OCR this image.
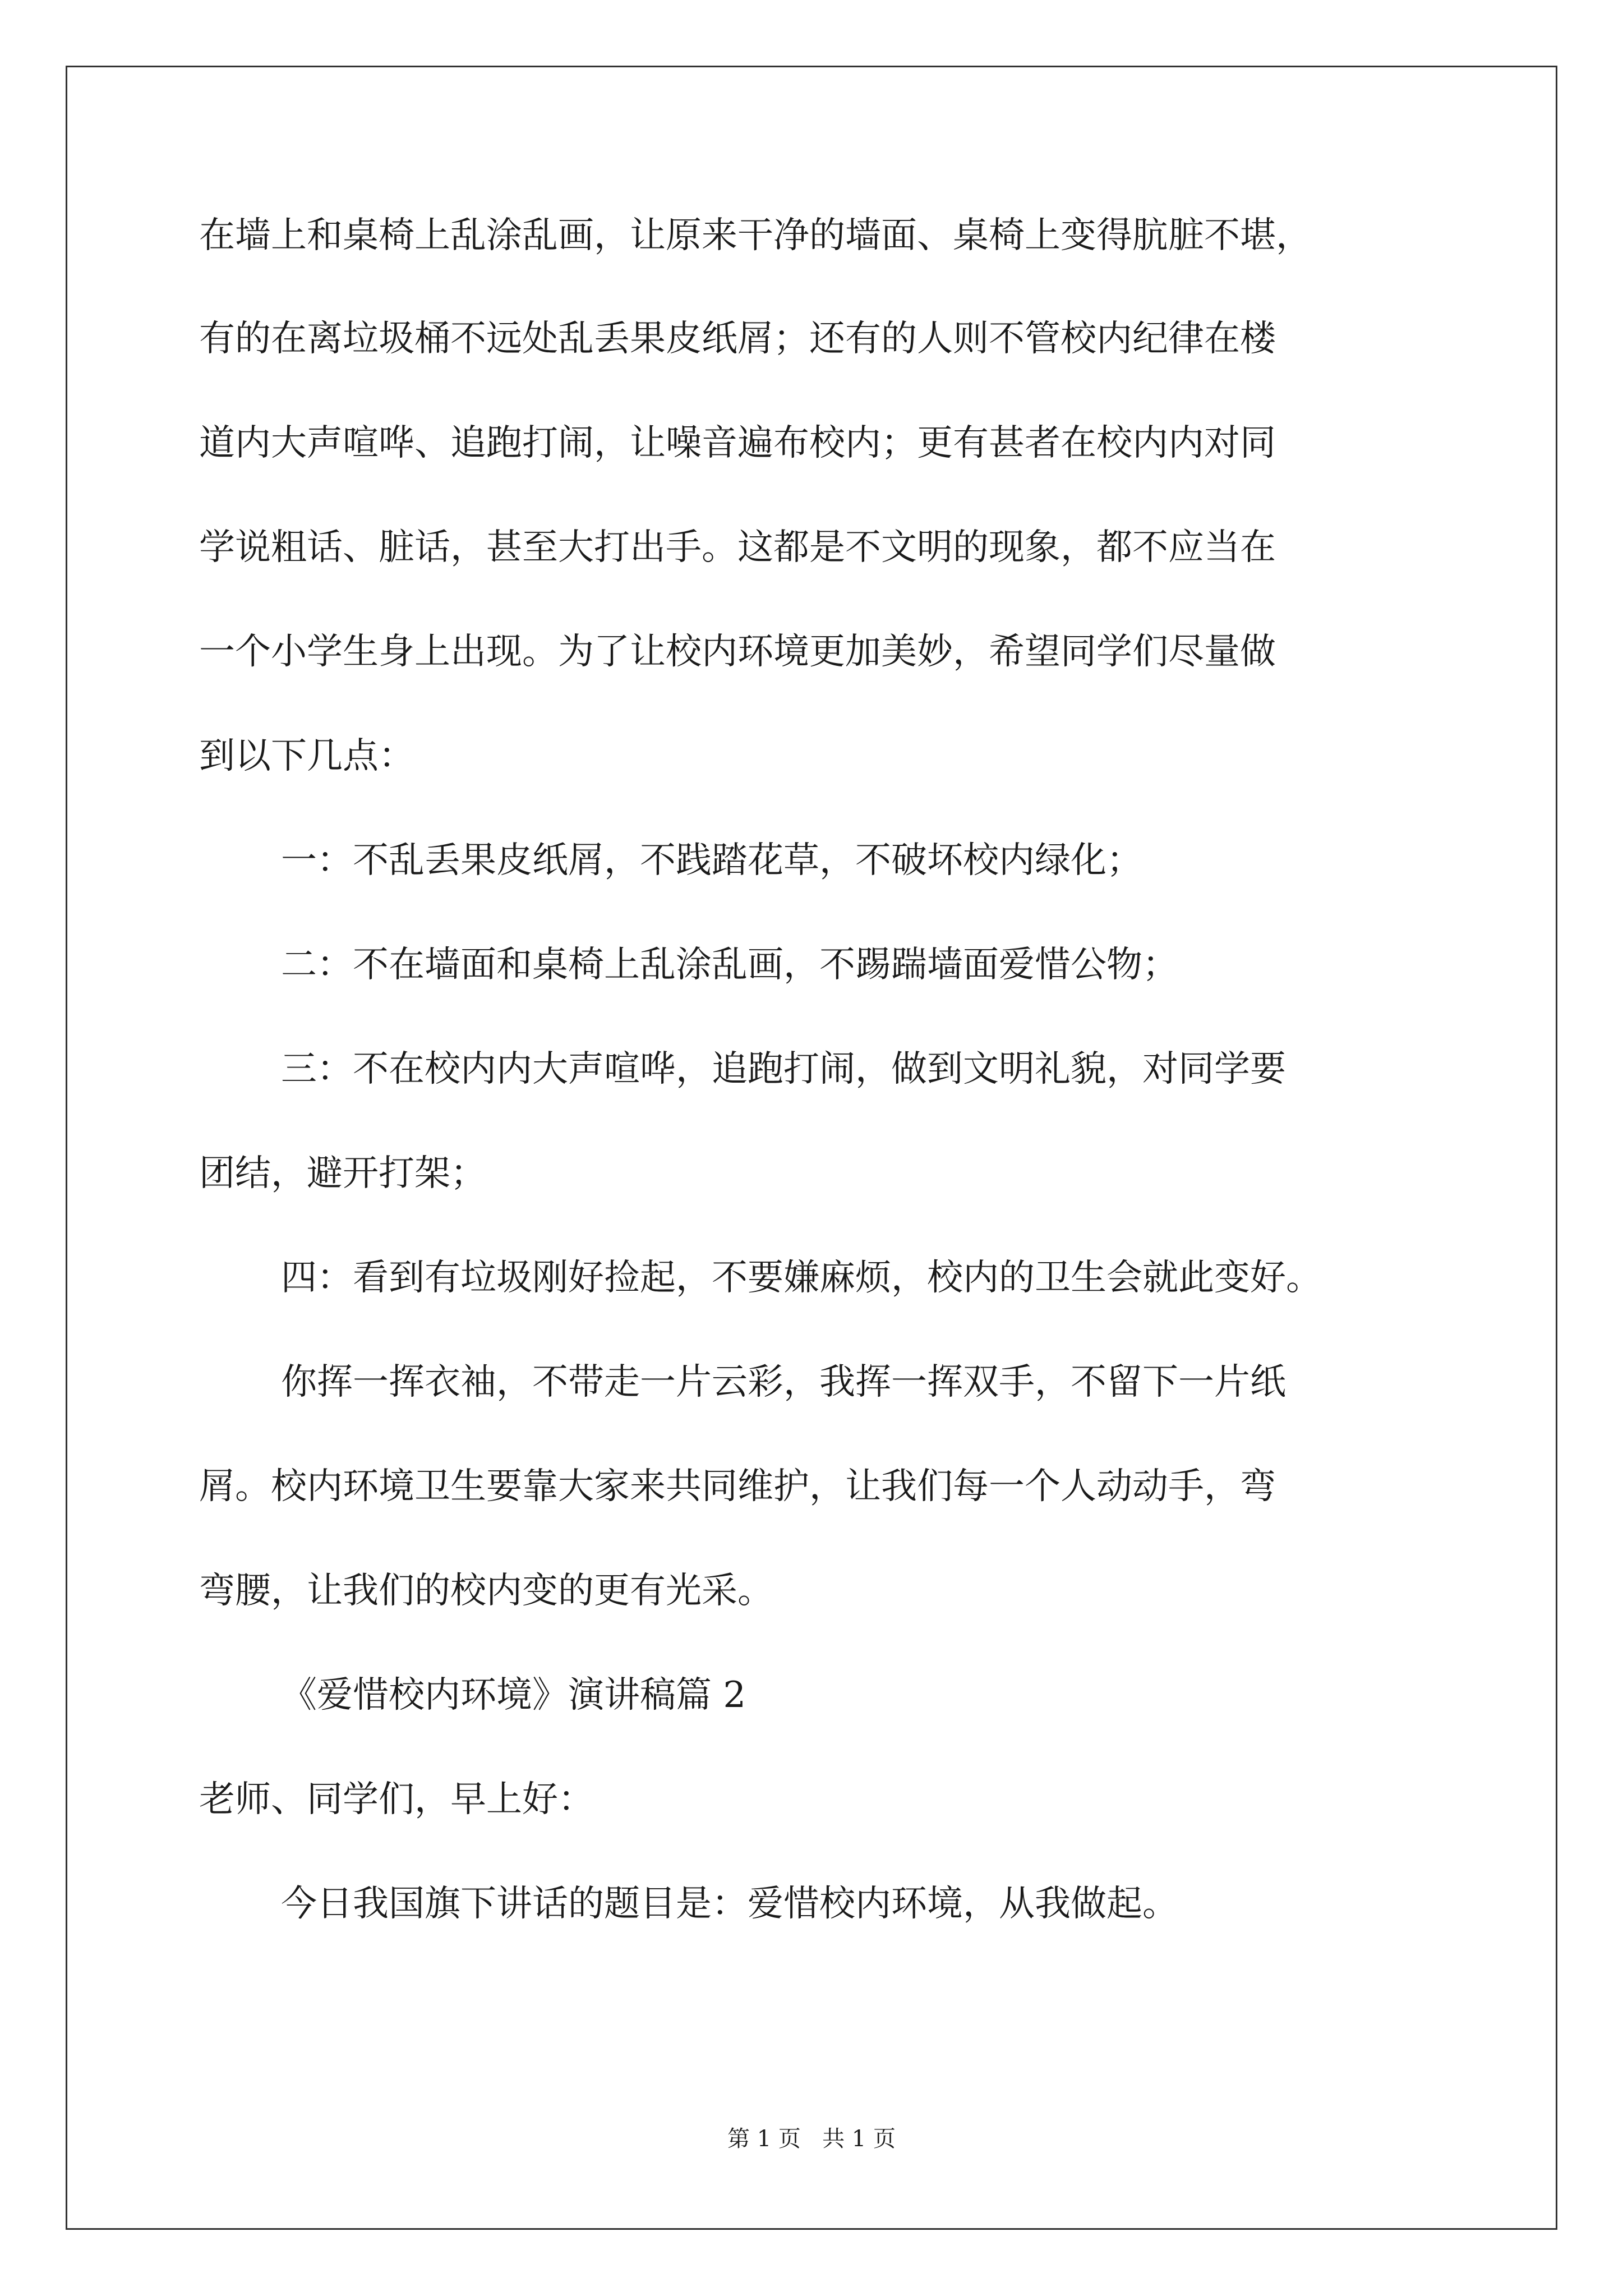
在墙上和桌椅上乱涂乱画，让原来干净的墙面、桌椅上变得肮脏不堪，
有的在离垃圾桶不远处乱丢果皮纸屑；还有的人则不管校内纪律在楼
道内大声喧哗、追跑打闹，让噪音遍布校内；更有甚者在校内内对同
学说粗话、脏话，甚至大打出手。这都是不文明的现象，都不应当在
一个小学生身上出现。为了让校内环境更加美妙，希望同学们尽量做
到以下几点：
一：不乱丢果皮纸屑，不践踏花草，不破坏校内绿化；
二：不在墙面和桌椅上乱涂乱画，不踢踹墙面爱惜公物；
三：不在校内内大声喧哗，追跑打闹，做到文明礼貌，对同学要
团结，避开打架；
四：看到有垃圾刚好捡起，不要嫌麻烦，校内的卫生会就此变好。
你挥一挥衣袖，不带走一片云彩，我挥一挥双手，不留下一片纸
屑。校内环境卫生要靠大家来共同维护，让我们每一个人动动手，弯
弯腰，让我们的校内变的更有光采。
《爱惜校内环境》演讲稿篇 2
老师、同学们，早上好：
今日我国旗下讲话的题目是：爱惜校内环境，从我做起。
第 1 页   共 1 页
